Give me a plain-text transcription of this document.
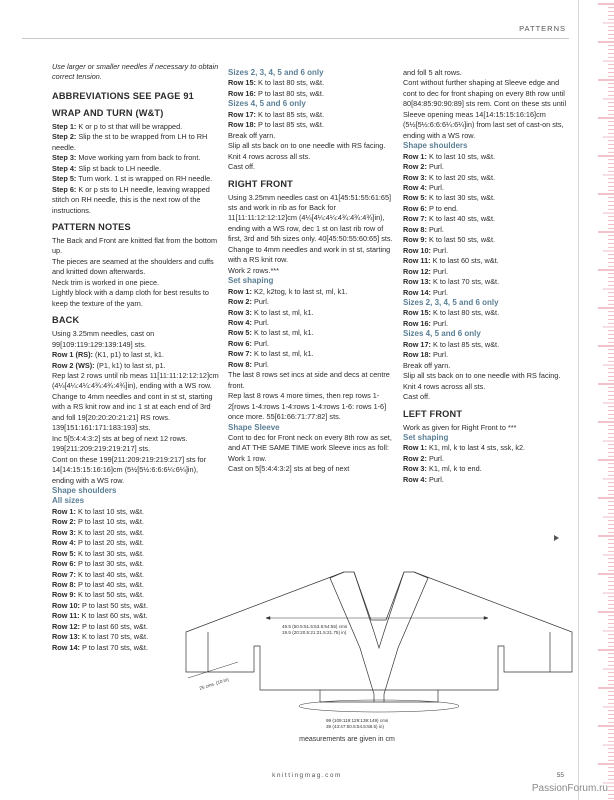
PATTERNS

Use larger or smaller needles if necessary to obtain correct tension.

ABBREVIATIONS SEE PAGE 91

WRAP AND TURN (W&T)

Step 1: K or p to st that will be wrapped.

Step 2: Slip the st to be wrapped from LH to RH needle.

Step 3: Move working yarn from back to front.

Step 4: Slip st back to LH needle.

Step 5: Turn work. 1 st is wrapped on RH needle.

Step 6: K or p sts to LH needle, leaving wrapped stitch on RH needle, this is the next row of the instructions.

PATTERN NOTES

The Back and Front are knitted flat from the bottom up.

The pieces are seamed at the shoulders and cuffs and knitted down afterwards.

Neck trim is worked in one piece.

Lightly block with a damp cloth for best results to keep the texture of the yarn.

BACK

Using 3.25mm needles, cast on 99[109:119:129:139:149] sts.

Row 1 (RS): (K1, p1) to last st, k1.

Row 2 (WS): (P1, k1) to last st, p1.

Rep last 2 rows until rib meas 11[11:11:12:12:12]cm (4¼[4¼:4¼:4¾:4¾:4¾]in), ending with a WS row.

Change to 4mm needles and cont in st st, starting with a RS knit row and inc 1 st at each end of 3rd and foll 19[20:20:20:21:21] RS rows. 139[151:161:171:183:193] sts.

Inc 5[5:4:4:3:2] sts at beg of next 12 rows. 199[211:209:219:219:217] sts.

Cont on these 199[211:209:219:219:217] sts for 14[14:15:15:16:16]cm (5½[5½:6:6:6¼:6¼]in), ending with a WS row.

Shape shoulders

All sizes

Row 1: K to last 10 sts, w&t.

Row 2: P to last 10 sts, w&t.

Row 3: K to last 20 sts, w&t.

Row 4: P to last 20 sts, w&t.

Row 5: K to last 30 sts, w&t.

Row 6: P to last 30 sts, w&t.

Row 7: K to last 40 sts, w&t.

Row 8: P to last 40 sts, w&t.

Row 9: K to last 50 sts, w&t.

Row 10: P to last 50 sts, w&t.

Row 11: K to last 60 sts, w&t.

Row 12: P to last 60 sts, w&t.

Row 13: K to last 70 sts, w&t.

Row 14: P to last 70 sts, w&t.

Sizes 2, 3, 4, 5 and 6 only

Row 15: K to last 80 sts, w&t.

Row 16: P to last 80 sts, w&t.

Sizes 4, 5 and 6 only

Row 17: K to last 85 sts, w&t.

Row 18: P to last 85 sts, w&t.

Break off yarn.

Slip all sts back on to one needle with RS facing.

Knit 4 rows across all sts.

Cast off.

RIGHT FRONT

Using 3.25mm needles cast on 41[45:51:55:61:65] sts and work in rib as for Back for 11[11:11:12:12:12]cm (4¼[4¼:4¼:4¾:4¾:4¾]in), ending with a WS row, dec 1 st on last rib row of first, 3rd and 5th sizes only. 40[45:50:55:60:65] sts.

Change to 4mm needles and work in st st, starting with a RS knit row.

Work 2 rows.***

Set shaping

Row 1: K2, k2tog, k to last st, ml, k1.

Row 2: Purl.

Row 3: K to last st, ml, k1.

Row 4: Purl.

Row 5: K to last st, ml, k1.

Row 6: Purl.

Row 7: K to last st, ml, k1.

Row 8: Purl.

The last 8 rows set incs at side and decs at centre front.

Rep last 8 rows 4 more times, then rep rows 1-2[rows 1-4:rows 1-4:rows 1-4:rows 1-6: rows 1-6] once more. 55[61:66:71:77:82] sts.

Shape Sleeve

Cont to dec for Front neck on every 8th row as set, and AT THE SAME TIME work Sleeve incs as foll:

Work 1 row.

Cast on 5[5:4:4:3:2] sts at beg of next

and foll 5 alt rows.

Cont without further shaping at Sleeve edge and cont to dec for front shaping on every 8th row until 80[84:85:90:90:89] sts rem. Cont on these sts until Sleeve opening meas 14[14:15:15:16:16]cm (5½[5½:6:6:6¼:6¼]in) from last set of cast-on sts, ending with a WS row.

Shape shoulders

Row 1: K to last 10 sts, w&t.

Row 2: Purl.

Row 3: K to last 20 sts, w&t.

Row 4: Purl.

Row 5: K to last 30 sts, w&t.

Row 6: P to end.

Row 7: K to last 40 sts, w&t.

Row 8: Purl.

Row 9: K to last 50 sts, w&t.

Row 10: Purl.

Row 11: K to last 60 sts, w&t.

Row 12: Purl.

Row 13: K to last 70 sts, w&t.

Row 14: Purl.

Sizes 2, 3, 4, 5 and 6 only

Row 15: K to last 80 sts, w&t.

Row 16: Purl.

Sizes 4, 5 and 6 only

Row 17: K to last 85 sts, w&t.

Row 18: Purl.

Break off yarn.

Slip all sts back on to one needle with RS facing.

Knit 4 rows across all sts.

Cast off.

LEFT FRONT

Work as given for Right Front to ***

Set shaping

Row 1: K1, ml, k to last 4 sts, ssk, k2.

Row 2: Purl.

Row 3: K1, ml, k to end.

Row 4: Purl.

49.5 (50.5:51.5:53.5:54:55) cms
19.5 (20:20.5:21:21.5:21.75) in)
25 cms. (10 in)
99 (109:119:129:139:149) cms
39 (43:47:50.5:54.5:58.5) in)
measurements are given in cm
knittingmag.com	55
PassionForum.ru
